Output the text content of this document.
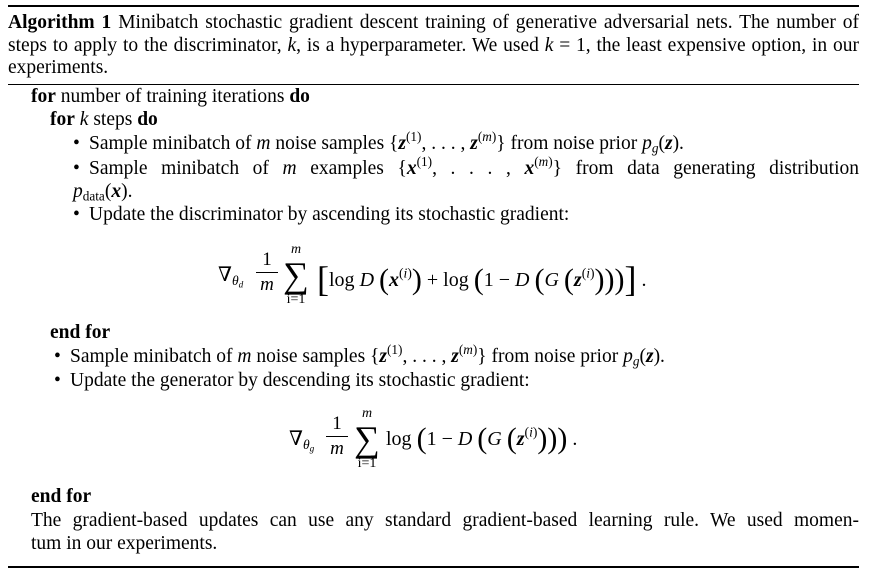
Algorithm 1 Minibatch stochastic gradient descent training of generative adversarial nets. The number of
steps to apply to the discriminator, k, is a hyperparameter. We used k = 1, the least expensive option, in our
experiments.
for number of training iterations do
for k steps do
• Sample minibatch of m noise samples {$z^{(1)}$, . . . , $z^{(m)}$} from noise prior $p_g(z)$.
• Sample minibatch of m examples {$x^{(1)}$, . . . , $x^{(m)}$} from data generating distribution
$p_{data}(x)$.
• Update the discriminator by ascending its stochastic gradient:
$\nabla_{\theta_d}$
1
m
m
∑
i=1
[log D $(x^{(i)}) + \log (1 - D$ (G $(z^{(i)})$))] .
end for
• Sample minibatch of m noise samples {$z^{(1)}$, . . . , $z^{(m)}$} from noise prior $p_g(z)$.
• Update the generator by descending its stochastic gradient:
$\nabla_{\theta_g}$
1
m
m
∑
i=1
log (1 − D (G $(z^{(i)})$)) .
end for
The gradient-based updates can use any standard gradient-based learning rule. We used momen-
tum in our experiments.
